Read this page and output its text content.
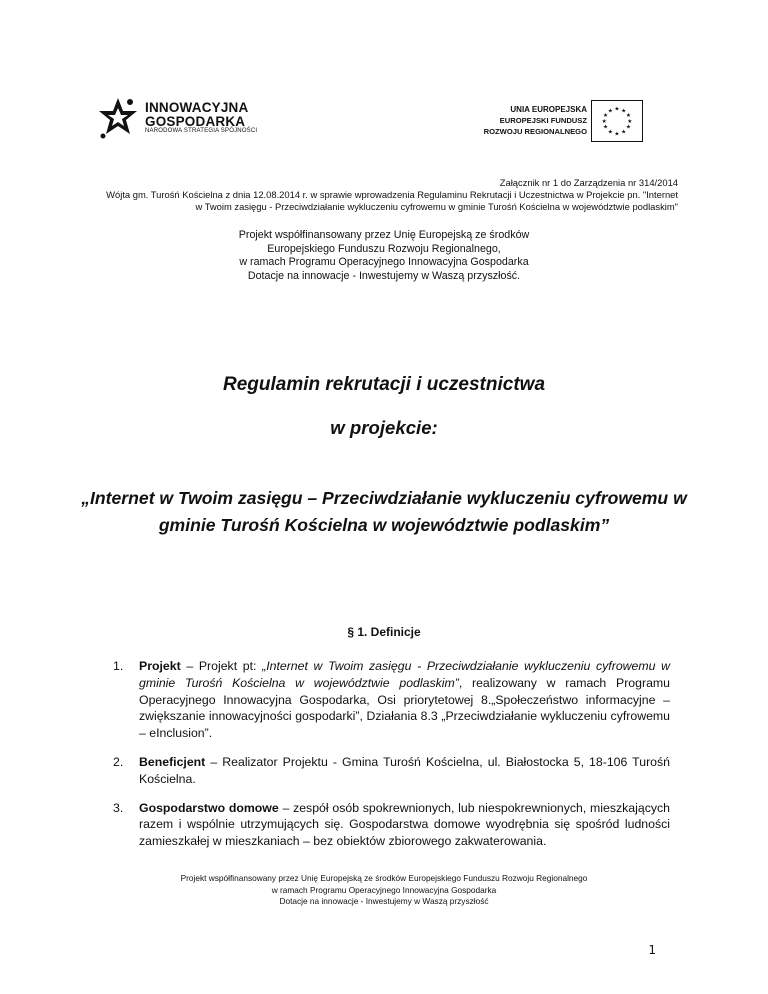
INNOWACYJNA
GOSPODARKA
NARODOWA STRATEGIA SPÓJNOŚCI
UNIA EUROPEJSKA
EUROPEJSKI FUNDUSZ
ROZWOJU REGIONALNEGO
★ ★
★
★
★
★
★
★
★
★
★
★
Załącznik nr 1 do Zarządzenia nr 314/2014
Wójta gm. Turośń Kościelna z dnia 12.08.2014 r. w sprawie wprowadzenia Regulaminu Rekrutacji i Uczestnictwa w Projekcie pn. "Internet
w Twoim zasięgu - Przeciwdziałanie wykluczeniu cyfrowemu w gminie Turośń Kościelna w województwie podlaskim"
Projekt współfinansowany przez Unię Europejską ze środków
Europejskiego Funduszu Rozwoju Regionalnego,
w ramach Programu Operacyjnego Innowacyjna Gospodarka
Dotacje na innowacje - Inwestujemy w Waszą przyszłość.
Regulamin rekrutacji i uczestnictwa
w projekcie:
„Internet w Twoim zasięgu – Przeciwdziałanie wykluczeniu cyfrowemu w
gminie Turośń Kościelna w województwie podlaskim”
§ 1. Definicje
1. Projekt – Projekt pt: „Internet w Twoim zasięgu - Przeciwdziałanie wykluczeniu cyfrowemu w gminie Turośń Kościelna w województwie podlaskim”, realizowany w ramach Programu Operacyjnego Innowacyjna Gospodarka, Osi priorytetowej 8.„Społeczeństwo informacyjne – zwiększanie innowacyjności gospodarki”, Działania 8.3 „Przeciwdziałanie wykluczeniu cyfrowemu – eInclusion”.
2. Beneficjent – Realizator Projektu - Gmina Turośń Kościelna, ul. Białostocka 5, 18-106 Turośń Kościelna.
3. Gospodarstwo domowe – zespół osób spokrewnionych, lub niespokrewnionych, mieszkających razem i wspólnie utrzymujących się. Gospodarstwa domowe wyodrębnia się spośród ludności zamieszkałej w mieszkaniach – bez obiektów zbiorowego zakwaterowania.
Projekt współfinansowany przez Unię Europejską ze środków Europejskiego Funduszu Rozwoju Regionalnego
w ramach Programu Operacyjnego Innowacyjna Gospodarka
Dotacje na innowacje - Inwestujemy w Waszą przyszłość
1
